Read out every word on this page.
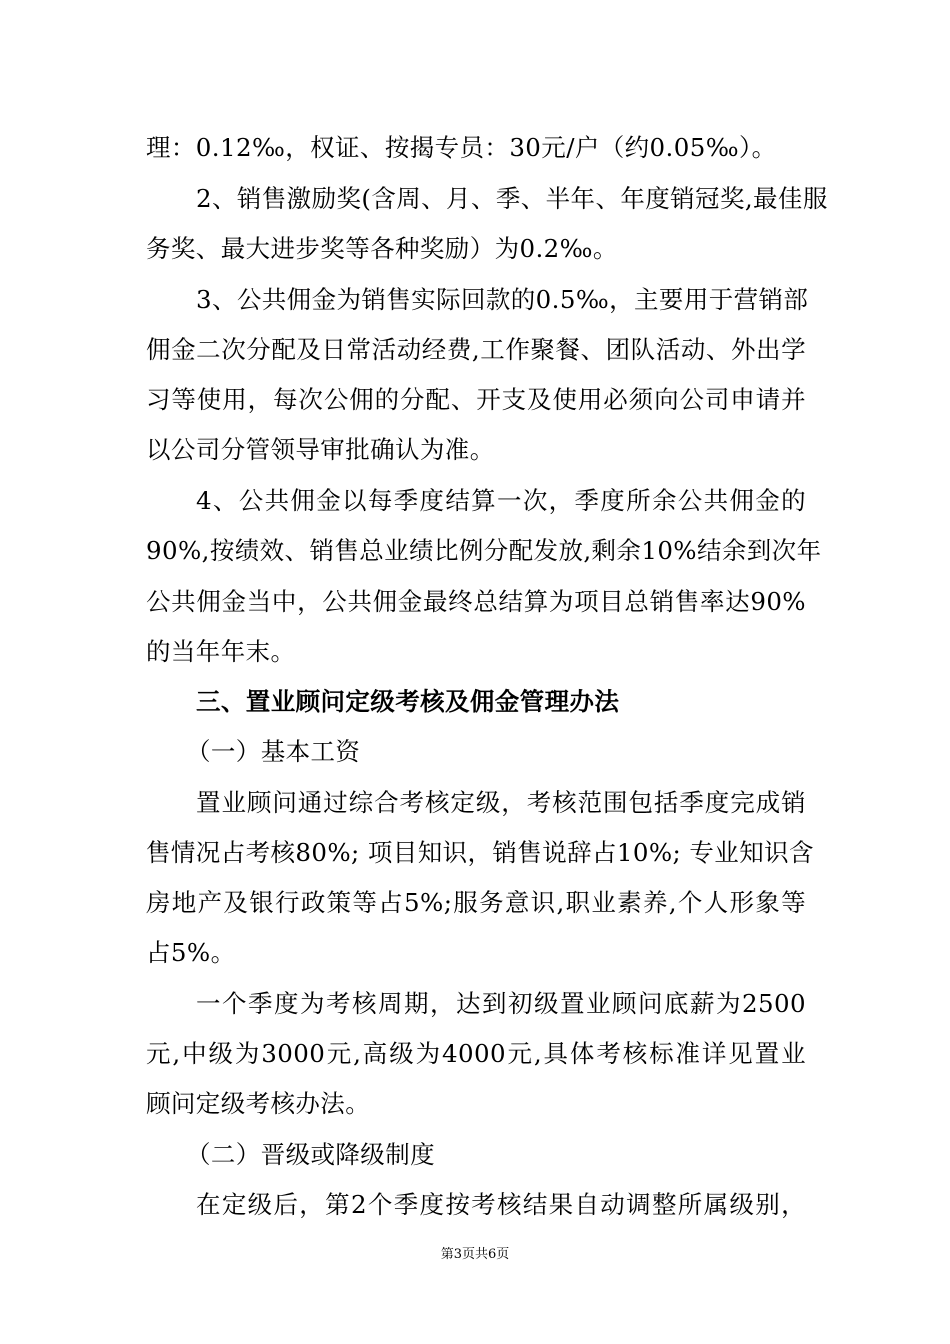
理：0.12‰，权证、按揭专员：30元/户（约0.05‰）。
2、销售激励奖(含周、月、季、半年、年度销冠奖,最佳服
务奖、最大进步奖等各种奖励）为0.2‰。
3、公共佣金为销售实际回款的0.5‰，主要用于营销部
佣金二次分配及日常活动经费,工作聚餐、团队活动、外出学
习等使用，每次公佣的分配、开支及使用必须向公司申请并
以公司分管领导审批确认为准。
4、公共佣金以每季度结算一次，季度所余公共佣金的
90%,按绩效、销售总业绩比例分配发放,剩余10%结余到次年
公共佣金当中，公共佣金最终总结算为项目总销售率达90%
的当年年末。
三、置业顾问定级考核及佣金管理办法
（一）基本工资
置业顾问通过综合考核定级，考核范围包括季度完成销
售情况占考核80%; 项目知识，销售说辞占10%; 专业知识含
房地产及银行政策等占5%;服务意识,职业素养,个人形象等
占5%。
一个季度为考核周期，达到初级置业顾问底薪为2500
元,中级为3000元,高级为4000元,具体考核标准详见置业
顾问定级考核办法。
（二）晋级或降级制度
在定级后，第2个季度按考核结果自动调整所属级别，
第3页共6页
